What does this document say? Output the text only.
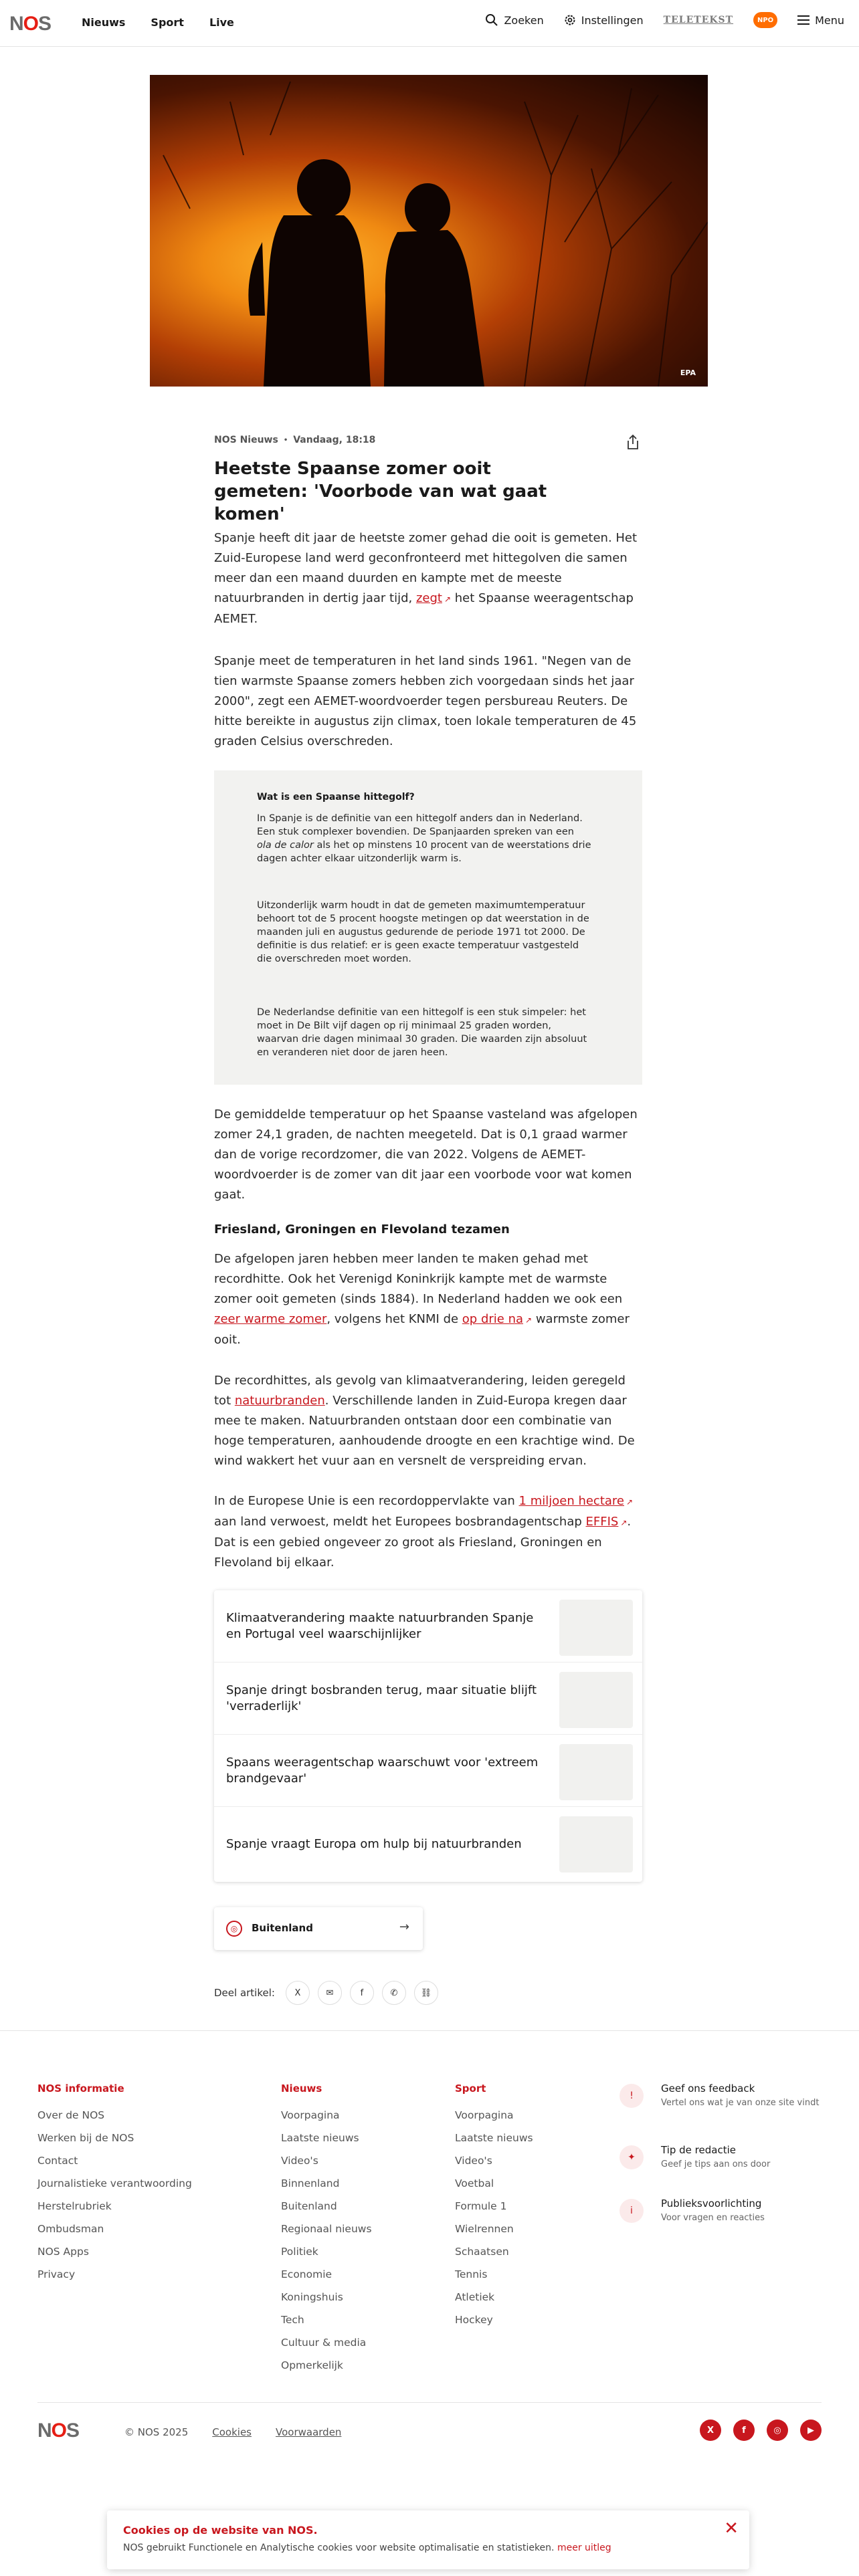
NOS	Nieuws Sport Live	Zoeken	Instellingen TELETEKST	NPO	Menu
EPA
NOS Nieuws • Vandaag, 18:18
Heetste Spaanse zomer ooit gemeten: 'Voorbode van wat gaat komen'

Spanje heeft dit jaar de heetste zomer gehad die ooit is gemeten. Het Zuid-Europese land werd geconfronteerd met hittegolven die samen meer dan een maand duurden en kampte met de meeste natuurbranden in dertig jaar tijd, zegt ↗ het Spaanse weeragentschap AEMET.

Spanje meet de temperaturen in het land sinds 1961. "Negen van de tien warmste Spaanse zomers hebben zich voorgedaan sinds het jaar 2000", zegt een AEMET-woordvoerder tegen persbureau Reuters. De hitte bereikte in augustus zijn climax, toen lokale temperaturen de 45 graden Celsius overschreden.

Wat is een Spaanse hittegolf?

In Spanje is de definitie van een hittegolf anders dan in Nederland. Een stuk complexer bovendien. De Spanjaarden spreken van een ola de calor als het op minstens 10 procent van de weerstations drie dagen achter elkaar uitzonderlijk warm is.

Uitzonderlijk warm houdt in dat de gemeten maximumtemperatuur behoort tot de 5 procent hoogste metingen op dat weerstation in de maanden juli en augustus gedurende de periode 1971 tot 2000. De definitie is dus relatief: er is geen exacte temperatuur vastgesteld die overschreden moet worden.

De Nederlandse definitie van een hittegolf is een stuk simpeler: het moet in De Bilt vijf dagen op rij minimaal 25 graden worden, waarvan drie dagen minimaal 30 graden. Die waarden zijn absoluut en veranderen niet door de jaren heen.

De gemiddelde temperatuur op het Spaanse vasteland was afgelopen zomer 24,1 graden, de nachten meegeteld. Dat is 0,1 graad warmer dan de vorige recordzomer, die van 2022. Volgens de AEMET-woordvoerder is de zomer van dit jaar een voorbode voor wat komen gaat.

Friesland, Groningen en Flevoland tezamen

De afgelopen jaren hebben meer landen te maken gehad met recordhitte. Ook het Verenigd Koninkrijk kampte met de warmste zomer ooit gemeten (sinds 1884). In Nederland hadden we ook een zeer warme zomer, volgens het KNMI de op drie na ↗ warmste zomer ooit.

De recordhittes, als gevolg van klimaatverandering, leiden geregeld tot natuurbranden. Verschillende landen in Zuid-Europa kregen daar mee te maken. Natuurbranden ontstaan door een combinatie van hoge temperaturen, aanhoudende droogte en een krachtige wind. De wind wakkert het vuur aan en versnelt de verspreiding ervan.

In de Europese Unie is een recordoppervlakte van 1 miljoen hectare ↗ aan land verwoest, meldt het Europees bosbrandagentschap EFFIS ↗. Dat is een gebied ongeveer zo groot als Friesland, Groningen en Flevoland bij elkaar.

Klimaatverandering maakte natuurbranden Spanje en Portugal veel waarschijnlijker
Spanje dringt bosbranden terug, maar situatie blijft 'verraderlijk'
Spaans weeragentschap waarschuwt voor 'extreem brandgevaar'
Spanje vraagt Europa om hulp bij natuurbranden
◎	Buitenland	→
Deel artikel:	X	✉	f	✆	⛓
NOS informatie
Over de NOS
Werken bij de NOS
Contact
Journalistieke verantwoording
Herstelrubriek
Ombudsman
NOS Apps
Privacy
Nieuws
Voorpagina
Laatste nieuws
Video's
Binnenland
Buitenland
Regionaal nieuws
Politiek
Economie
Koningshuis
Tech
Cultuur & media
Opmerkelijk
Sport
Voorpagina
Laatste nieuws
Video's
Voetbal
Formule 1
Wielrennen
Schaatsen
Tennis
Atletiek
Hockey
!
Geef ons feedback
Vertel ons wat je van onze site vindt
✦
Tip de redactie
Geef je tips aan ons door
i
Publieksvoorlichting
Voor vragen en reacties
NOS	© NOS 2025 Cookies Voorwaarden	X	f	◎	▶
Cookies op de website van NOS.
NOS gebruikt Functionele en Analytische cookies voor website optimalisatie en statistieken. meer uitleg
✕
